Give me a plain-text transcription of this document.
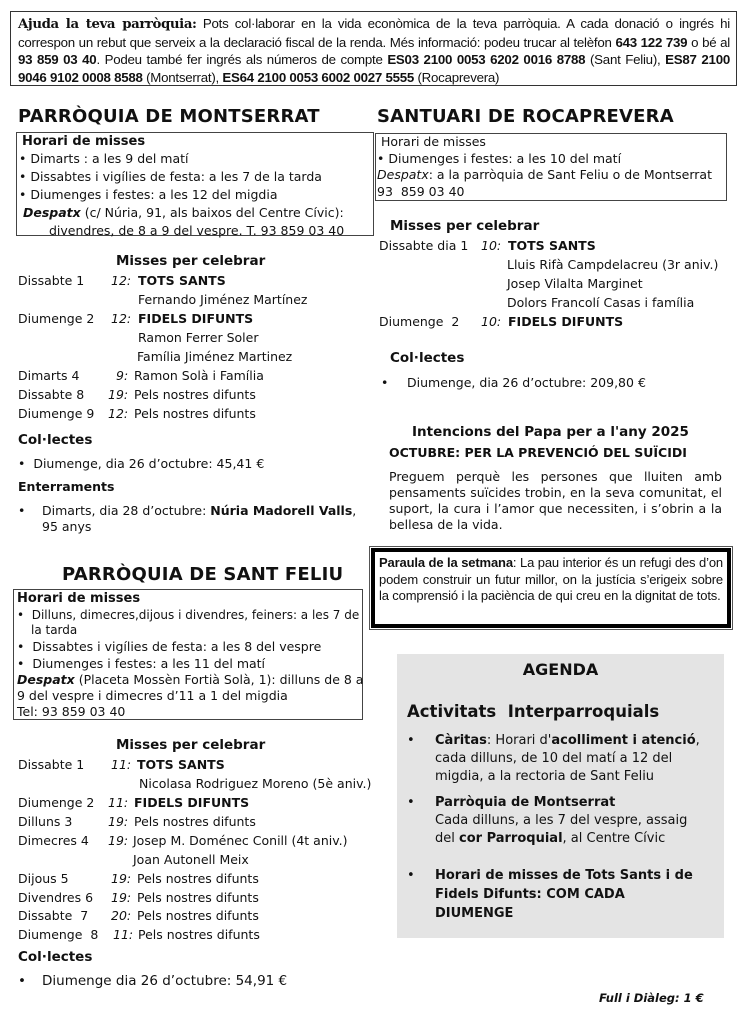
Ajuda la teva parròquia: Pots col·laborar en la vida econòmica de la teva parròquia. A cada donació o ingrés hi correspon un rebut que serveix a la declaració fiscal de la renda. Més informació: podeu trucar al telèfon 643 122 739 o bé al 93 859 03 40. Podeu també fer ingrés als números de compte ES03 2100 0053 6202 0016 8788 (Sant Feliu), ES87 2100 9046 9102 0008 8588 (Montserrat), ES64 2100 0053 6002 0027 5555 (Rocaprevera)
PARRÒQUIA DE MONTSERRAT
Horari de misses
• Dimarts : a les 9 del matí
• Dissabtes i vigílies de festa: a les 7 de la tarda
• Diumenges i festes: a les 12 del migdia
Despatx (c/ Núria, 91, als baixos del Centre Cívic):
divendres, de 8 a 9 del vespre. T. 93 859 03 40
Misses per celebrar
Dissabte 1 12: TOTS SANTS
Fernando Jiménez Martínez
Diumenge 2 12: FIDELS DIFUNTS
Ramon Ferrer Soler
Família Jiménez Martinez
Dimarts 4	9: Ramon Solà i Família
Dissabte 8 19: Pels nostres difunts
Diumenge 9 12: Pels nostres difunts
Col·lectes
•  Diumenge, dia 26 d’octubre: 45,41 €
Enterraments
• Dimarts, dia 28 d’octubre: Núria Madorell Valls,
95 anys
PARRÒQUIA DE SANT FELIU
Horari de misses
•  Dilluns, dimecres,dijous i divendres, feiners: a les 7 de
la tarda
•  Dissabtes i vigílies de festa: a les 8 del vespre
•  Diumenges i festes: a les 11 del matí
Despatx (Placeta Mossèn Fortià Solà, 1): dilluns de 8 a
9 del vespre i dimecres d’11 a 1 del migdia
Tel: 93 859 03 40
Misses per celebrar
Dissabte 1 11: TOTS SANTS
Nicolasa Rodriguez Moreno (5è aniv.)
Diumenge 2 11: FIDELS DIFUNTS
Dilluns 3	19: Pels nostres difunts
Dimecres 4 19: Josep M. Doménec Conill (4t aniv.)
Joan Autonell Meix
Dijous 5	19: Pels nostres difunts
Divendres 6 19: Pels nostres difunts
Dissabte  7 20: Pels nostres difunts
Diumenge  8 11: Pels nostres difunts
Col·lectes
• Diumenge dia 26 d’octubre: 54,91 €
SANTUARI DE ROCAPREVERA
Horari de misses
• Diumenges i festes: a les 10 del matí
Despatx: a la parròquia de Sant Feliu o de Montserrat
93  859 03 40
Misses per celebrar
Dissabte dia 1 10: TOTS SANTS
Lluis Rifà Campdelacreu (3r aniv.)
Josep Vilalta Marginet
Dolors Francolí Casas i família
Diumenge  2 10: FIDELS DIFUNTS
Col·lectes
• Diumenge, dia 26 d’octubre: 209,80 €
Intencions del Papa per a l'any 2025
OCTUBRE: PER LA PREVENCIÓ DEL SUÏCIDI
Preguem perquè les persones que lluiten amb pensaments suïcides trobin, en la seva comunitat, el suport, la cura i l’amor que necessiten, i s’obrin a la bellesa de la vida.
Paraula de la setmana: La pau interior és un refugi des d’on podem construir un futur millor, on la justícia s’erigeix sobre la comprensió i la paciència de qui creu en la dignitat de tots.
AGENDA
Activitats  Interparroquials
• Càritas: Horari d'acolliment i atenció,
cada dilluns, de 10 del matí a 12 del
migdia, a la rectoria de Sant Feliu
• Parròquia de Montserrat
Cada dilluns, a les 7 del vespre, assaig
del cor Parroquial, al Centre Cívic
• Horari de misses de Tots Sants i de
Fidels Difunts: COM CADA
DIUMENGE
Full i Diàleg: 1 €
